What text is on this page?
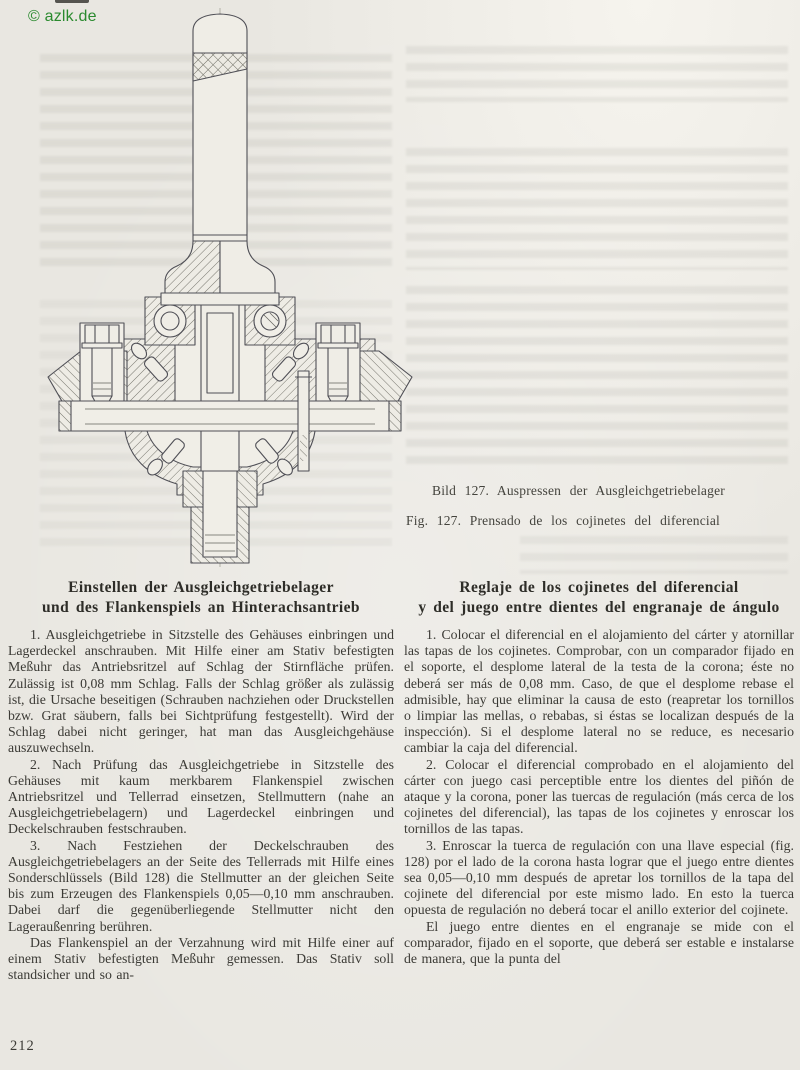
© azlk.de
Bild 127. Auspressen der Ausgleichgetriebelager
Fig. 127. Prensado de los cojinetes del diferencial
Einstellen der Ausgleichgetriebelager
und des Flankenspiels an Hinterachsantrieb

1. Ausgleichgetriebe in Sitzstelle des Gehäuses einbringen und Lagerdeckel anschrauben. Mit Hilfe einer am Stativ befestigten Meßuhr das Antriebsritzel auf Schlag der Stirnfläche prüfen. Zulässig ist 0,08 mm Schlag. Falls der Schlag größer als zulässig ist, die Ursache beseitigen (Schrauben nachziehen oder Druckstellen bzw. Grat säubern, falls bei Sichtprüfung festgestellt). Wird der Schlag dabei nicht geringer, hat man das Ausgleichgehäuse auszuwechseln.

2. Nach Prüfung das Ausgleichgetriebe in Sitzstelle des Gehäuses mit kaum merkbarem Flankenspiel zwischen Antriebsritzel und Tellerrad einsetzen, Stellmuttern (nahe an Ausgleichgetriebelagern) und Lagerdeckel einbringen und Deckelschrauben festschrauben.

3. Nach Festziehen der Deckelschrauben des Ausgleichgetriebelagers an der Seite des Tellerrads mit Hilfe eines Sonderschlüssels (Bild 128) die Stellmutter an der gleichen Seite bis zum Erzeugen des Flankenspiels 0,05—0,10 mm anschrauben. Dabei darf die gegenüberliegende Stellmutter nicht den Lageraußenring berühren.

Das Flankenspiel an der Verzahnung wird mit Hilfe einer auf einem Stativ befestigten Meßuhr gemessen. Das Stativ soll standsicher und so an-

Reglaje de los cojinetes del diferencial
y del juego entre dientes del engranaje de ángulo

1. Colocar el diferencial en el alojamiento del cárter y atornillar las tapas de los cojinetes. Comprobar, con un comparador fijado en el soporte, el desplome lateral de la testa de la corona; éste no deberá ser más de 0,08 mm. Caso, de que el desplome rebase el admisible, hay que eliminar la causa de esto (reapretar los tornillos o limpiar las mellas, o rebabas, si éstas se localizan después de la inspección). Si el desplome lateral no se reduce, es necesario cambiar la caja del diferencial.

2. Colocar el diferencial comprobado en el alojamiento del cárter con juego casi perceptible entre los dientes del piñón de ataque y la corona, poner las tuercas de regulación (más cerca de los cojinetes del diferencial), las tapas de los cojinetes y enroscar los tornillos de las tapas.

3. Enroscar la tuerca de regulación con una llave especial (fig. 128) por el lado de la corona hasta lograr que el juego entre dientes sea 0,05—0,10 mm después de apretar los tornillos de la tapa del cojinete del diferencial por este mismo lado. En esto la tuerca opuesta de regulación no deberá tocar el anillo exterior del cojinete.

El juego entre dientes en el engranaje se mide con el comparador, fijado en el soporte, que deberá ser estable e instalarse de manera, que la punta del

212
